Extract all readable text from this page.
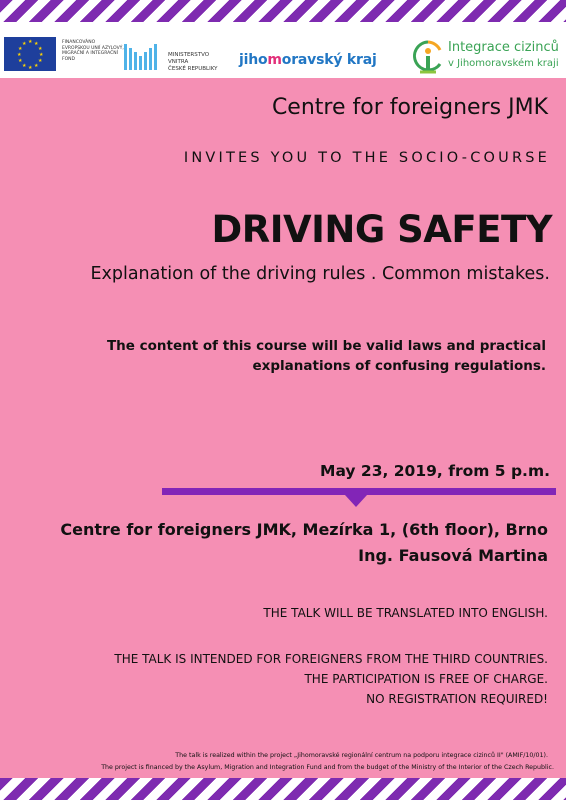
★ ★
★
★
★
★
★
★
★
★
★
★	FINANCOVÁNO EVROPSKOU UNIÍ AZYLOVÝ, MIGRAČNÍ A INTEGRAČNÍ FOND
MINISTERSTVO VNITRA
ČESKÉ REPUBLIKY
jihomoravský kraj
Integrace cizinců
v Jihomoravském kraji
Centre for foreigners JMK
INVITES YOU TO THE SOCIO-COURSE
DRIVING SAFETY
Explanation of the driving rules . Common mistakes.
The content of this course will be valid laws and practical
explanations of confusing regulations.
May 23, 2019, from 5 p.m.
Centre for foreigners JMK, Mezírka 1, (6th floor), Brno
Ing. Fausová Martina
THE TALK WILL BE TRANSLATED INTO ENGLISH.
THE TALK IS INTENDED FOR FOREIGNERS FROM THE THIRD COUNTRIES.
THE PARTICIPATION IS FREE OF CHARGE.
NO REGISTRATION REQUIRED!
The talk is realized within the project „Jihomoravské regionální centrum na podporu integrace cizinců II" (AMIF/10/01).
The project is financed by the Asylum, Migration and Integration Fund and from the budget of the Ministry of the Interior of the Czech Republic.
